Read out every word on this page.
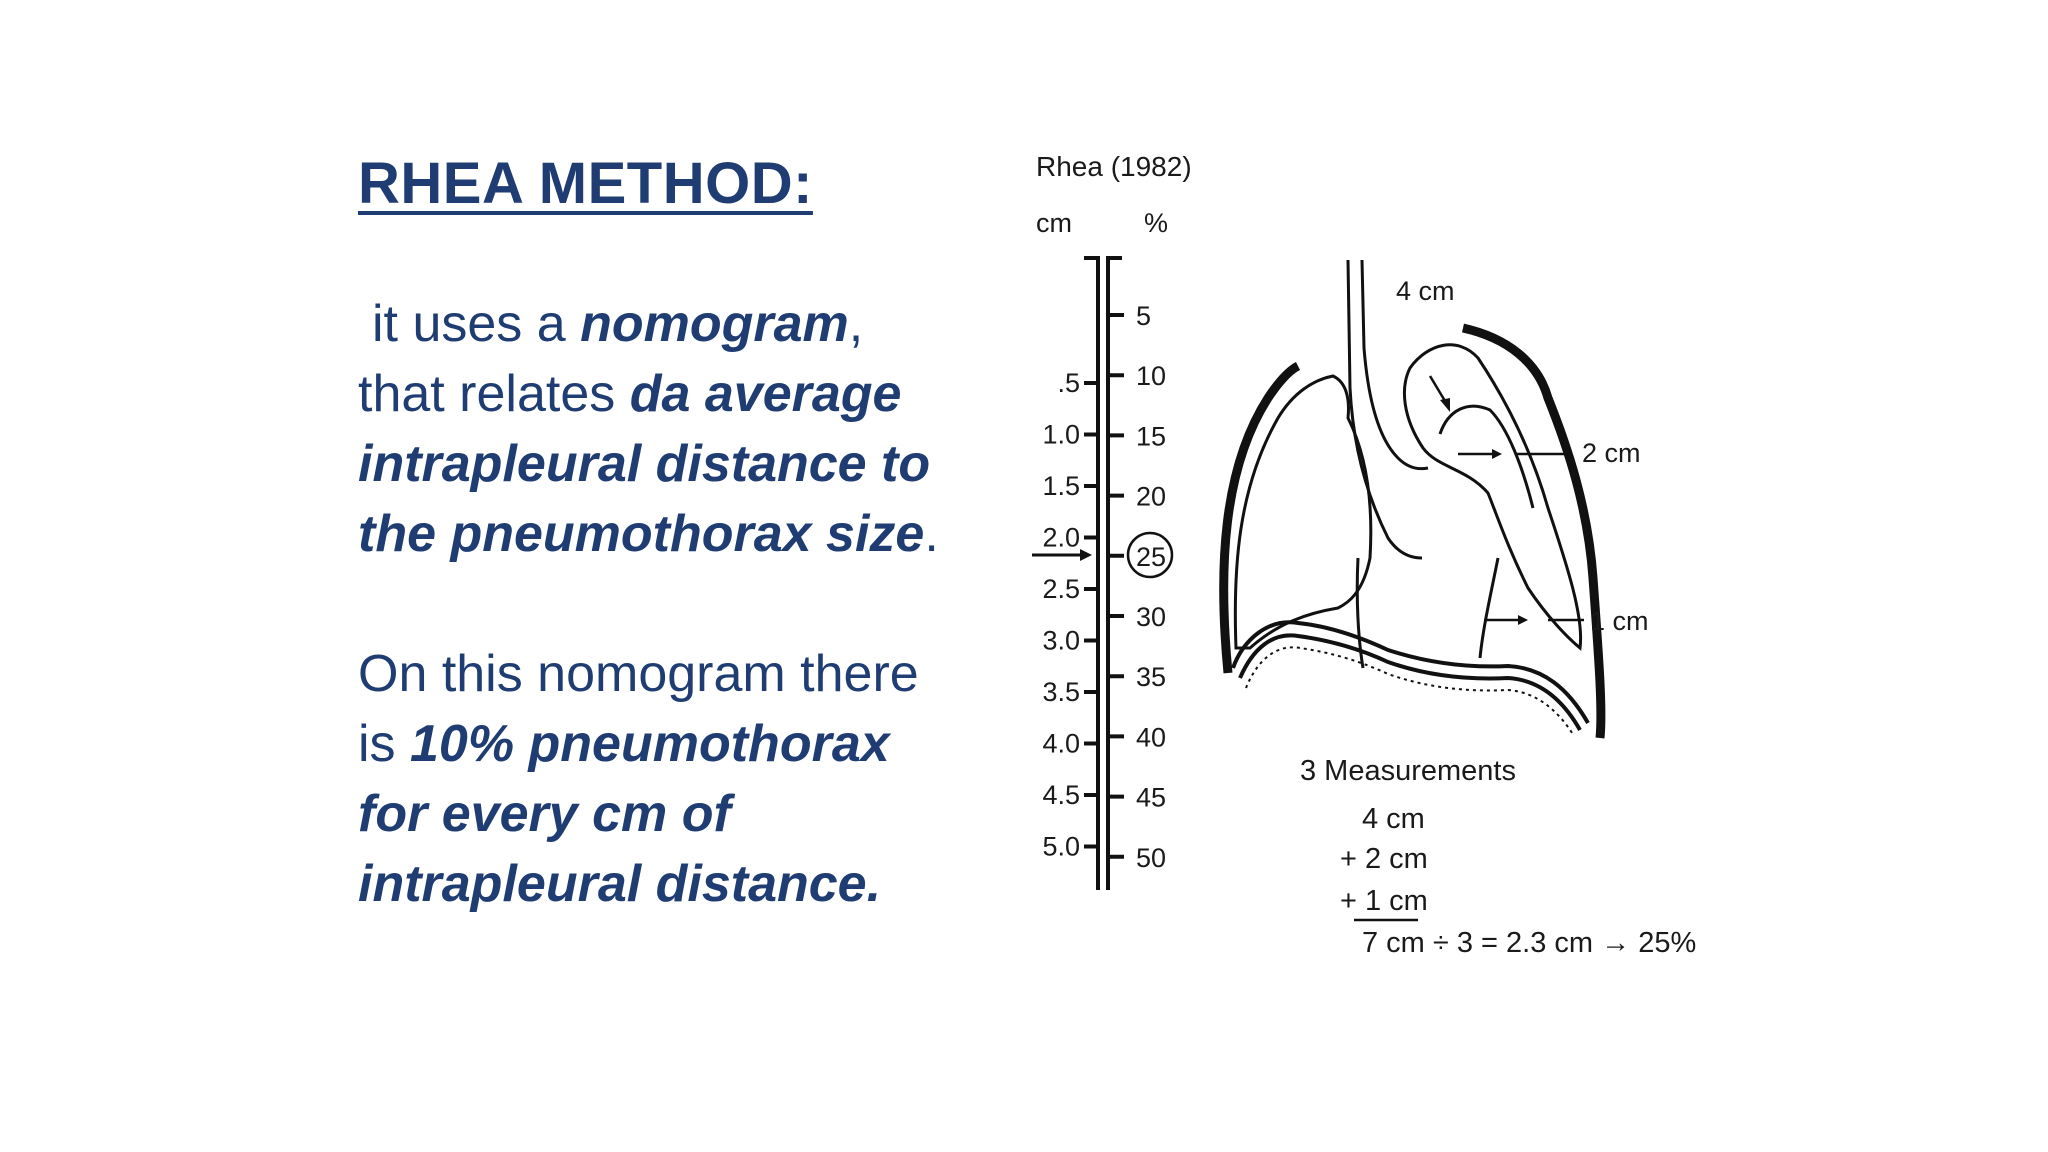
RHEA METHOD:

it uses a nomogram,
that relates da average
intrapleural distance to
the pneumothorax size.

On this nomogram there
is 10% pneumothorax
for every cm of
intrapleural distance.

Rhea (1982)
cm	%
.5
1.0
1.5
2.0
2.5
3.0
3.5
4.0
4.5
5.0
5
10
15
20
25
30
35
40
45
50
4 cm
2 cm
1 cm
3 Measurements
4 cm
+ 2 cm
+ 1 cm
7 cm ÷ 3 = 2.3 cm → 25%
